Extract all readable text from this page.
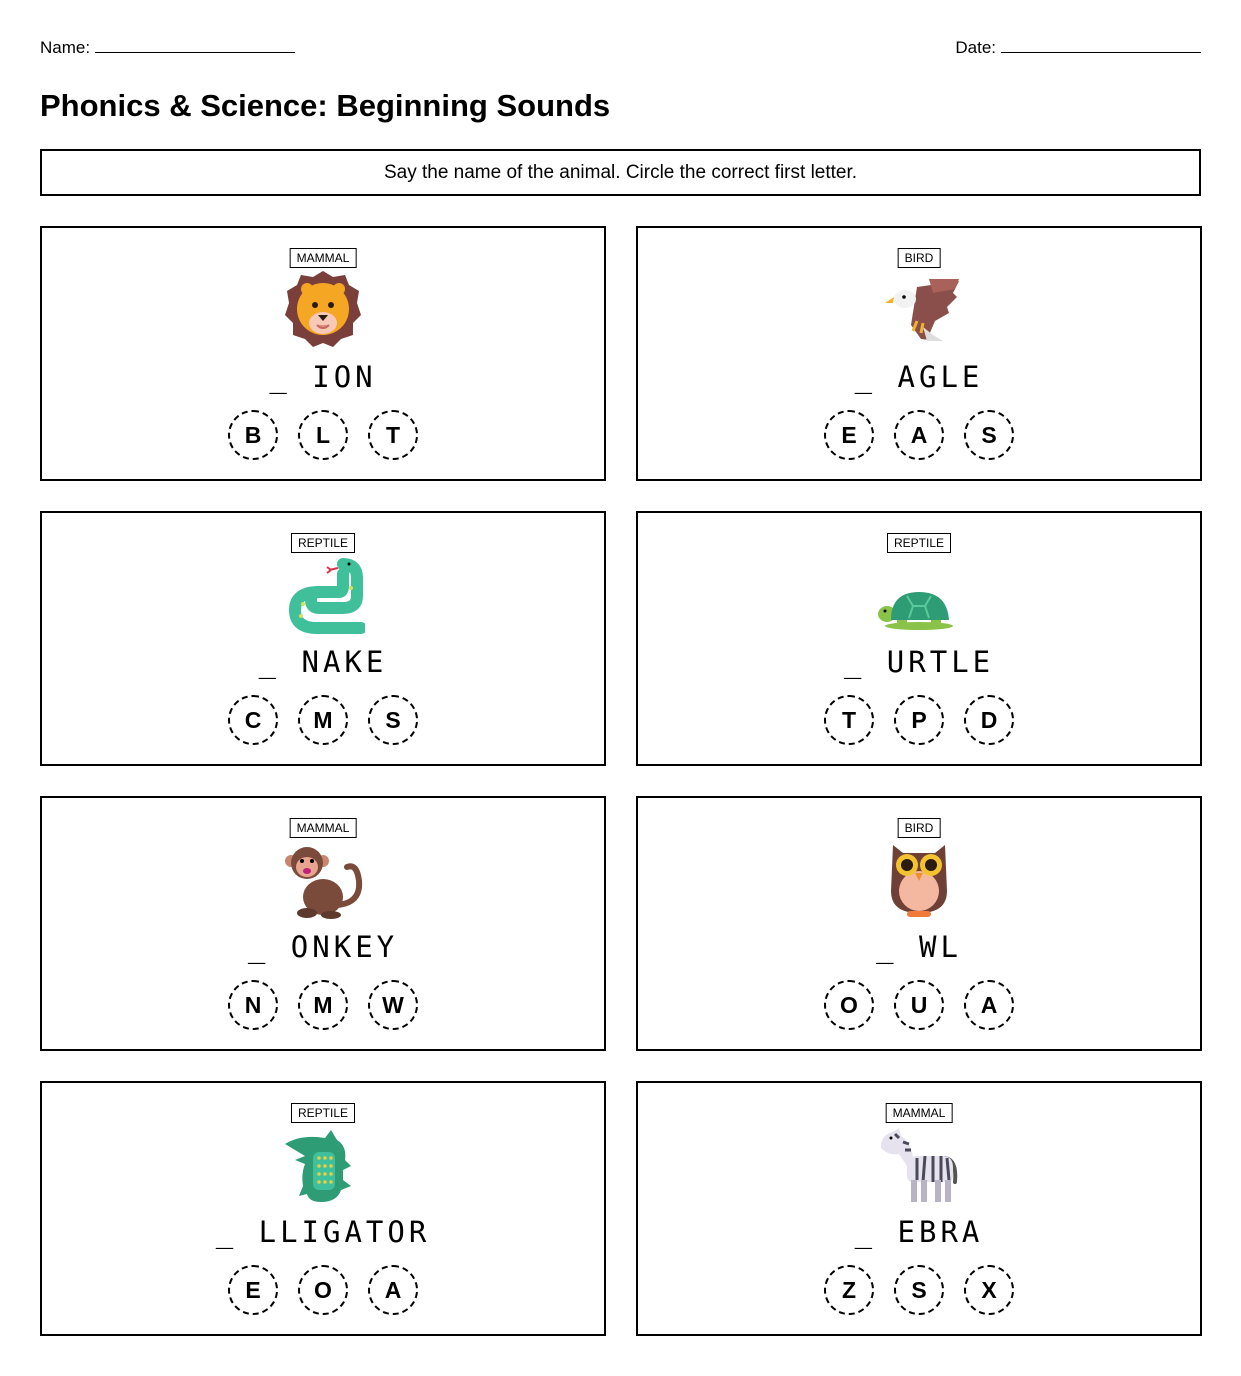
Name:	Date:
Phonics & Science: Beginning Sounds
Say the name of the animal. Circle the correct first letter.
MAMMAL
_ ION
B	L	T
BIRD
_ AGLE
E	A	S
REPTILE
_ NAKE
C	M	S
REPTILE
_ URTLE
T	P	D
MAMMAL
_ ONKEY
N	M	W
BIRD
_ WL
O	U	A
REPTILE
_ LLIGATOR
E	O	A
MAMMAL
_ EBRA
Z	S	X
